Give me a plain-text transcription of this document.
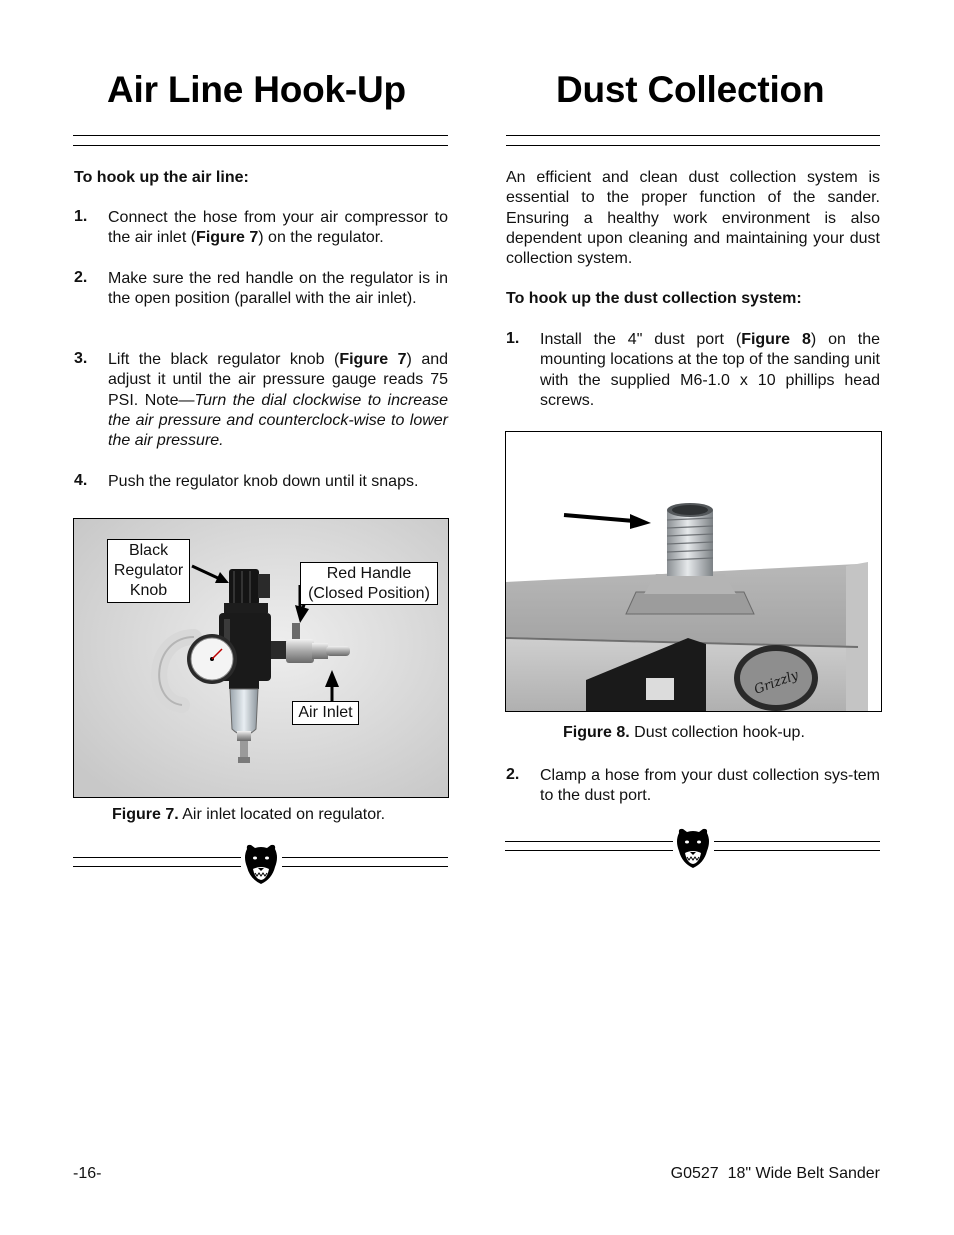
Air Line Hook-Up	Dust Collection
To hook up the air line:
1. Connect the hose from your air compressor to the air inlet (Figure 7) on the regulator.
2. Make sure the red handle on the regulator is in the open position (parallel with the air inlet).
3. Lift the black regulator knob (Figure 7) and adjust it until the air pressure gauge reads 75 PSI. Note—Turn the dial clockwise to increase the air pressure and counterclock-wise to lower the air pressure.
4. Push the regulator knob down until it snaps.
Black Regulator Knob
Red Handle (Closed Position)
Air Inlet
Figure 7. Air inlet located on regulator.
An efficient and clean dust collection system is essential to the proper function of the sander. Ensuring a healthy work environment is also dependent upon cleaning and maintaining your dust collection system.
To hook up the dust collection system:
1. Install the 4" dust port (Figure 8) on the mounting locations at the top of the sanding unit with the supplied M6-1.0 x 10 phillips head screws.
Grizzly
Figure 8. Dust collection hook-up.
2. Clamp a hose from your dust collection sys-tem to the dust port.
-16-	G0527  18" Wide Belt Sander
